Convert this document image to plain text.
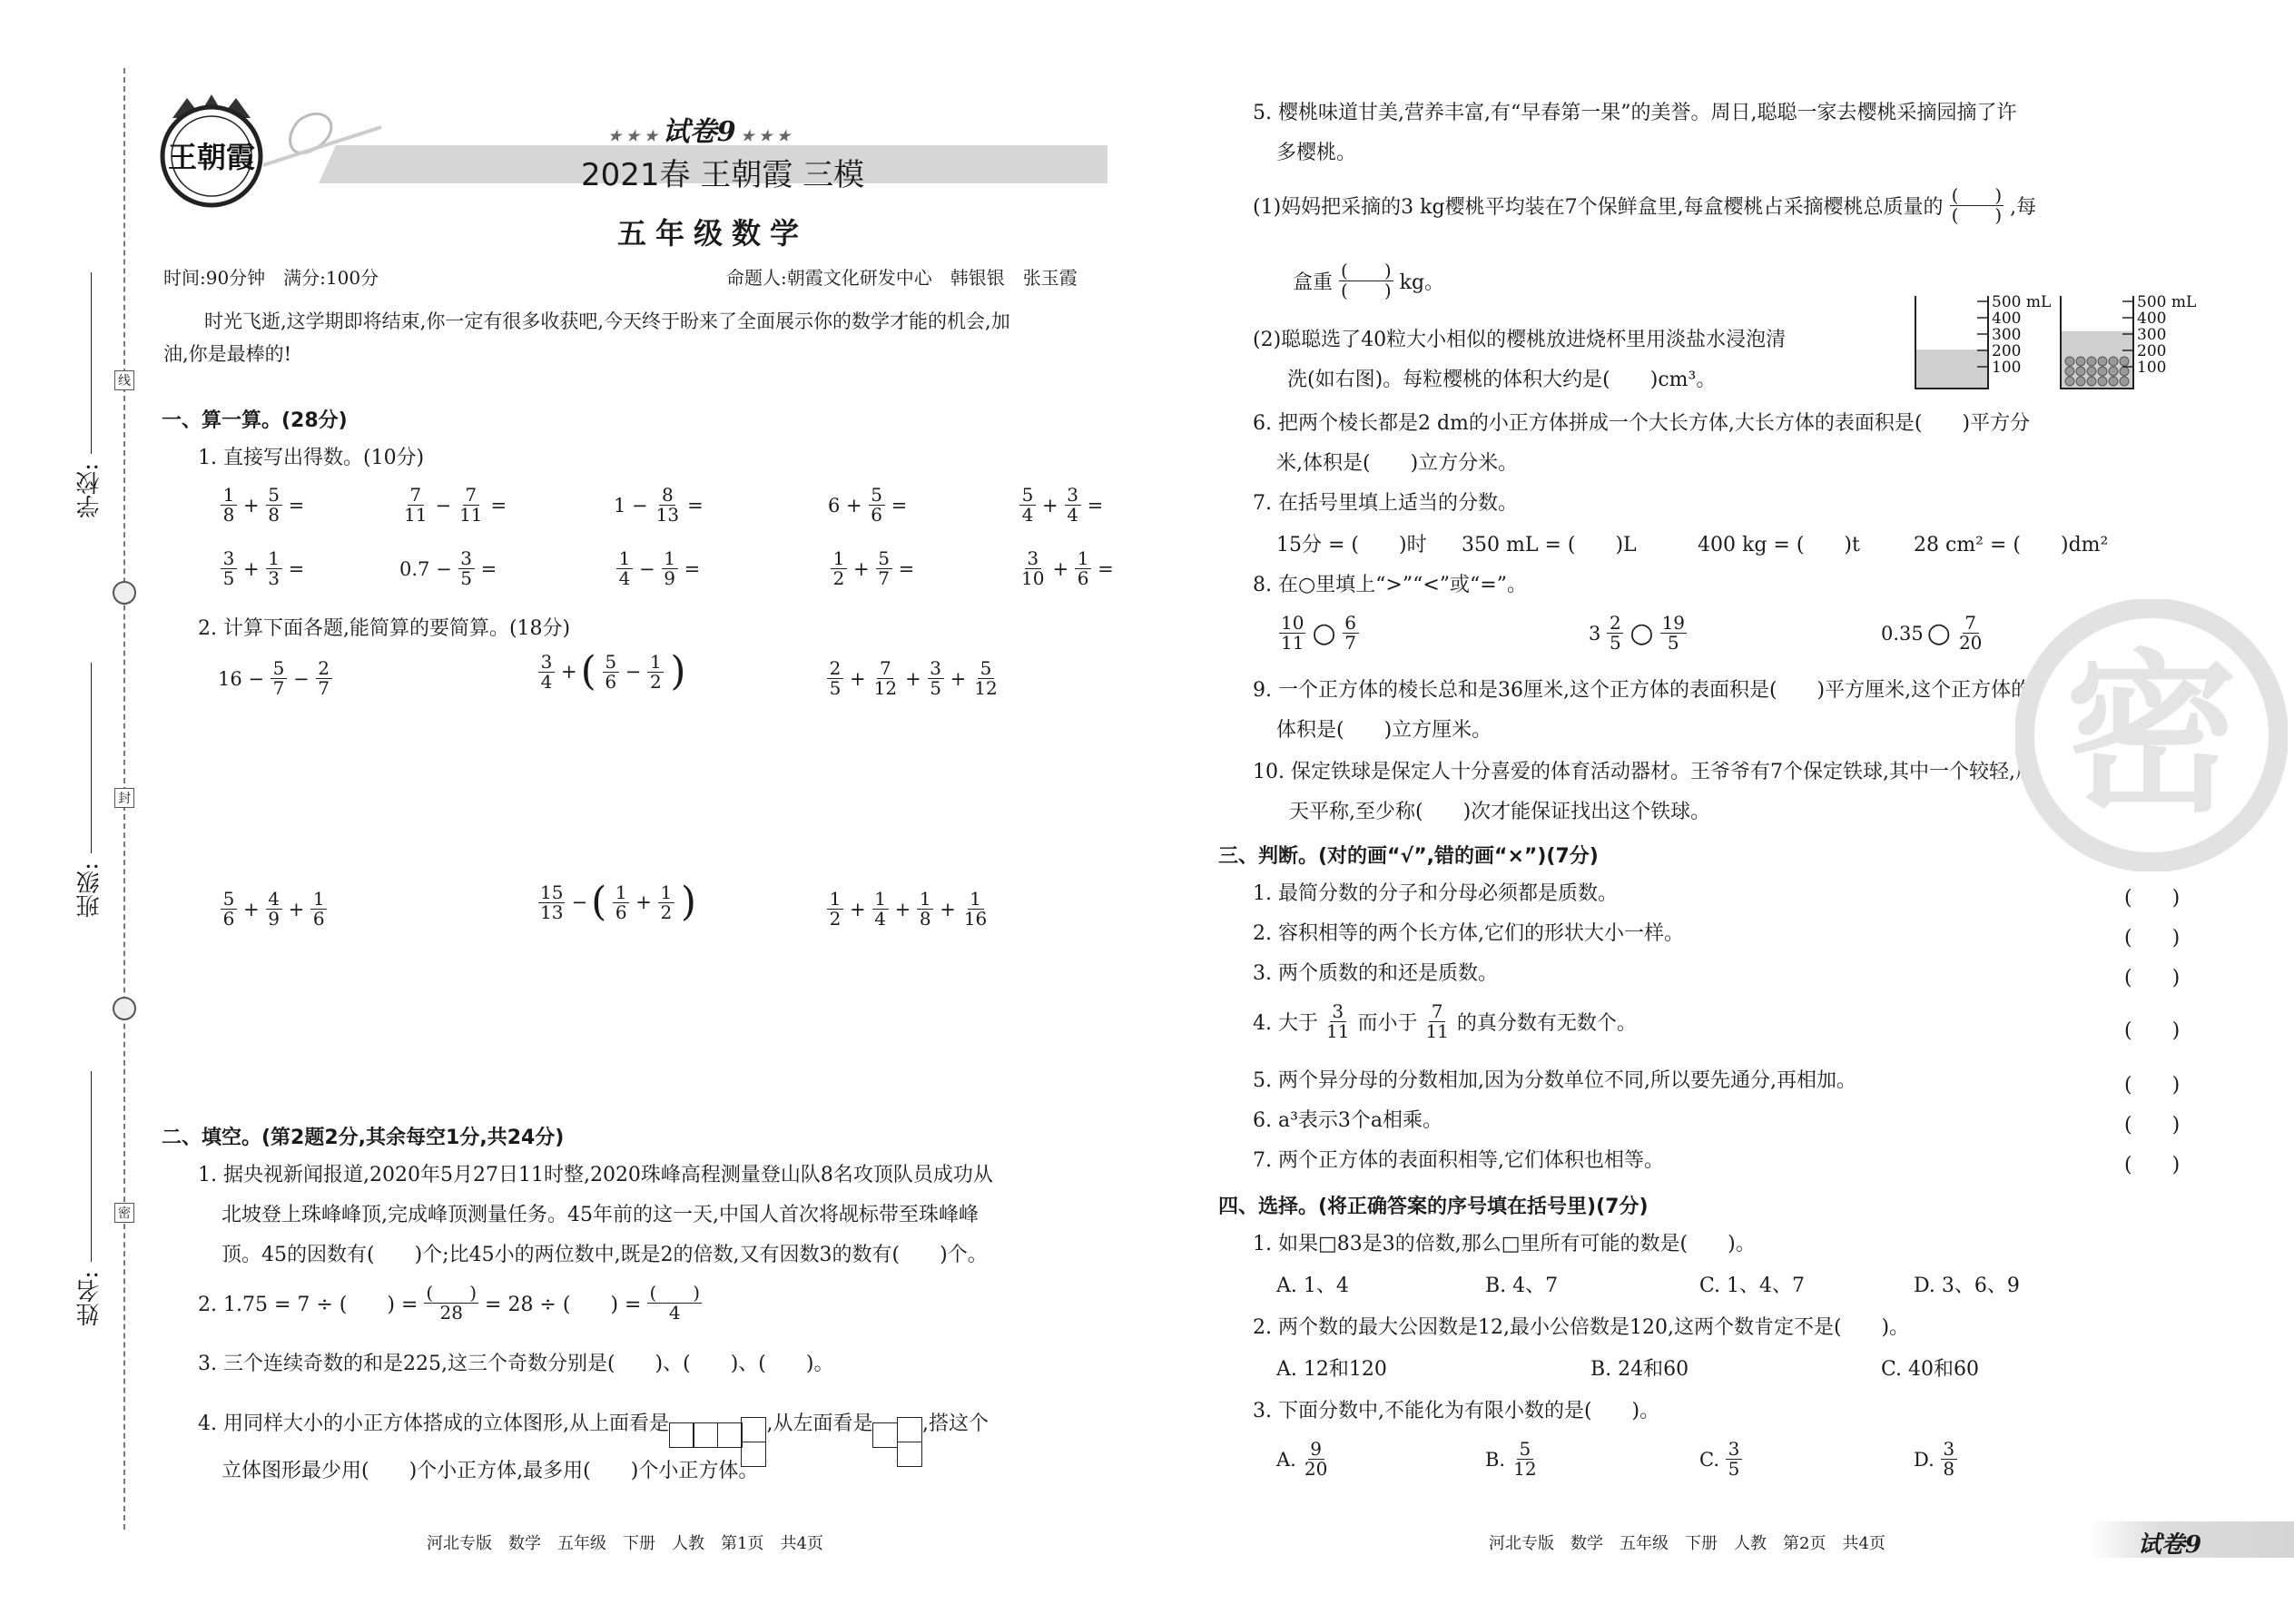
线
封
密
学校:
班级:
姓名:
王朝霞
★ ★ ★ 试卷9 ★ ★ ★
2021春 王朝霞 三模
五年级数学
时间:90分钟　满分:100分	命题人:朝霞文化研发中心　韩银银　张玉霞
时光飞逝,这学期即将结束,你一定有很多收获吧,今天终于盼来了全面展示你的数学才能的机会,加
油,你是最棒的!
一、算一算。(28分)
1. 直接写出得数。(10分)
$\frac{1}{8} + \frac{5}{8}$ =	$\frac{7}{11} - \frac{7}{11}$ =	$1 - \frac{8}{13}$ =	$6 + \frac{5}{6}$ =	$\frac{5}{4} + \frac{3}{4}$ =
$\frac{3}{5} + \frac{1}{3}$ =	$0.7 - \frac{3}{5}$ =	$\frac{1}{4} - \frac{1}{9}$ =	$\frac{1}{2} + \frac{5}{7}$ =	$\frac{3}{10} + \frac{1}{6}$ =
2. 计算下面各题,能简算的要简算。(18分)
$16 - \frac{5}{7} - \frac{2}{7}$	$\frac{3}{4}$ + ( $\frac{5}{6} - \frac{1}{2}$ )	$\frac{2}{5} + \frac{7}{12} + \frac{3}{5} + \frac{5}{12}$
$\frac{5}{6} + \frac{4}{9} + \frac{1}{6}$	$\frac{15}{13}$ − ( $\frac{1}{6} + \frac{1}{2}$ )	$\frac{1}{2} + \frac{1}{4} + \frac{1}{8} + \frac{1}{16}$
二、填空。(第2题2分,其余每空1分,共24分)
1. 据央视新闻报道,2020年5月27日11时整,2020珠峰高程测量登山队8名攻顶队员成功从
北坡登上珠峰峰顶,完成峰顶测量任务。45年前的这一天,中国人首次将觇标带至珠峰峰
顶。45的因数有(　　)个;比45小的两位数中,既是2的倍数,又有因数3的数有(　　)个。
2. 1.75 = 7 ÷ (　　) = $\frac{( )}{28} = 28$ ÷ (　　) = $\frac{( )}{4}$
3. 三个连续奇数的和是225,这三个奇数分别是(　　)、(　　)、(　　)。
4. 用同样大小的小正方体搭成的立体图形,从上面看是	,从左面看是 ,搭这个
立体图形最少用(　　)个小正方体,最多用(　　)个小正方体。
5. 樱桃味道甘美,营养丰富,有“早春第一果”的美誉。周日,聪聪一家去樱桃采摘园摘了许
多樱桃。
(1)妈妈把采摘的3 kg樱桃平均装在7个保鲜盒里,每盒樱桃占采摘樱桃总质量的 $\frac{( )}{( )}$ ,每
盒重 $\frac{( )}{( )}$ kg。
(2)聪聪选了40粒大小相似的樱桃放进烧杯里用淡盐水浸泡清
洗(如右图)。每粒樱桃的体积大约是(　　)cm³。
500 mL
400
300
200
100
500 mL
400
300
200
100
6. 把两个棱长都是2 dm的小正方体拼成一个大长方体,大长方体的表面积是(　　)平方分
米,体积是(　　)立方分米。
7. 在括号里填上适当的分数。
15分 = (　　)时 350 mL = (　　)L	400 kg = (　　)t	28 cm² = (　　)dm²
8. 在○里填上“>”“<”或“=”。
$\frac{10}{11}$ ○ $\frac{6}{7}$	$3 \frac{2}{5}$ ○ $\frac{19}{5}$	0.35 ○ $\frac{7}{20}$
9. 一个正方体的棱长总和是36厘米,这个正方体的表面积是(　　)平方厘米,这个正方体的
体积是(　　)立方厘米。
10. 保定铁球是保定人十分喜爱的体育活动器材。王爷爷有7个保定铁球,其中一个较轻,用
天平称,至少称(　　)次才能保证找出这个铁球。
三、判断。(对的画“√”,错的画“×”)(7分)
1. 最简分数的分子和分母必须都是质数。
2. 容积相等的两个长方体,它们的形状大小一样。
3. 两个质数的和还是质数。
4. 大于 $\frac{3}{11}$ 而小于 $\frac{7}{11}$ 的真分数有无数个。
5. 两个异分母的分数相加,因为分数单位不同,所以要先通分,再相加。
6. a³表示3个a相乘。
7. 两个正方体的表面积相等,它们体积也相等。
(　　)
(　　)
(　　)
(　　)
(　　)
(　　)
(　　)
四、选择。(将正确答案的序号填在括号里)(7分)
1. 如果□83是3的倍数,那么□里所有可能的数是(　　)。
A. 1、4	B. 4、7	C. 1、4、7	D. 3、6、9
2. 两个数的最大公因数是12,最小公倍数是120,这两个数肯定不是(　　)。
A. 12和120	B. 24和60	C. 40和60
3. 下面分数中,不能化为有限小数的是(　　)。
A. $\frac{9}{20}$	B. $\frac{5}{12}$	C. $\frac{3}{5}$	D. $\frac{3}{8}$
密
河北专版　数学　五年级　下册　人教　第1页　共4页	河北专版　数学　五年级　下册　人教　第2页　共4页	试卷9
